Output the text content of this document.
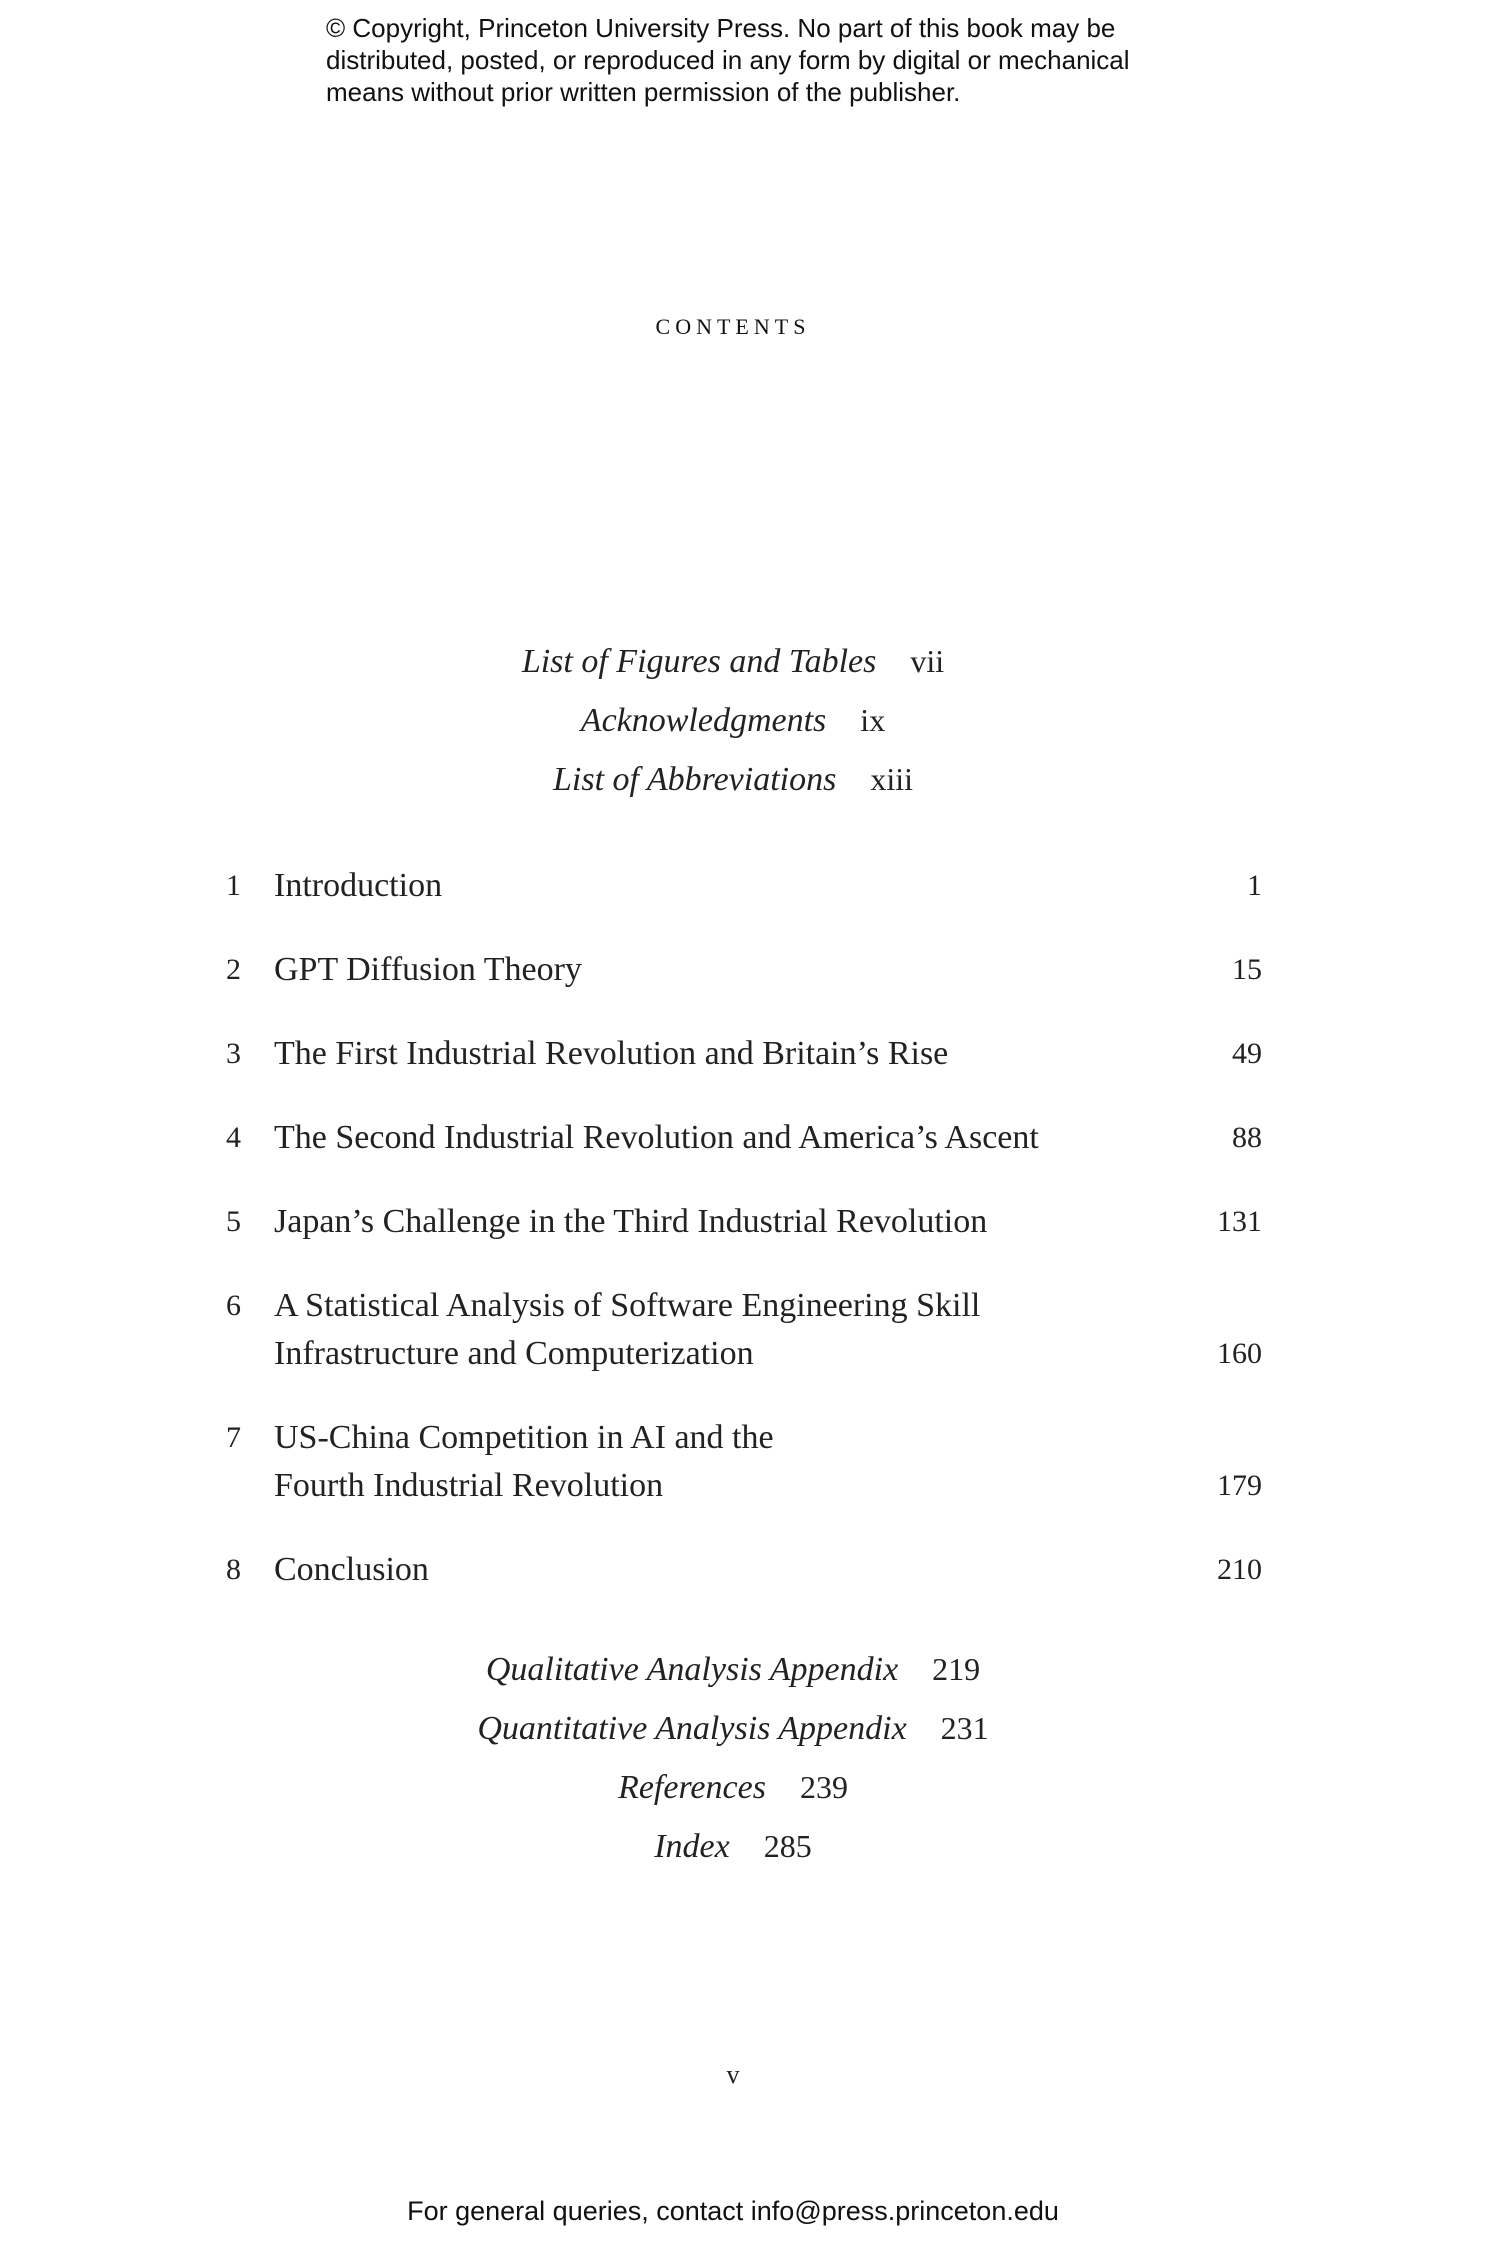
© Copyright, Princeton University Press. No part of this book may be
distributed, posted, or reproduced in any form by digital or mechanical
means without prior written permission of the publisher.
contents
List of Figures and Tables vii
Acknowledgments ix
List of Abbreviations xiii
1 Introduction	1
2 GPT Diffusion Theory	15
3 The First Industrial Revolution and Britain’s Rise	49
4 The Second Industrial Revolution and America’s Ascent	88
5 Japan’s Challenge in the Third Industrial Revolution	131
6 A Statistical Analysis of Software Engineering Skill Infrastructure and Computerization	160
7 US-China Competition in AI and the Fourth Industrial Revolution	179
8 Conclusion	210
Qualitative Analysis Appendix 219
Quantitative Analysis Appendix 231
References 239
Index 285
v
For general queries, contact info@press.princeton.edu
